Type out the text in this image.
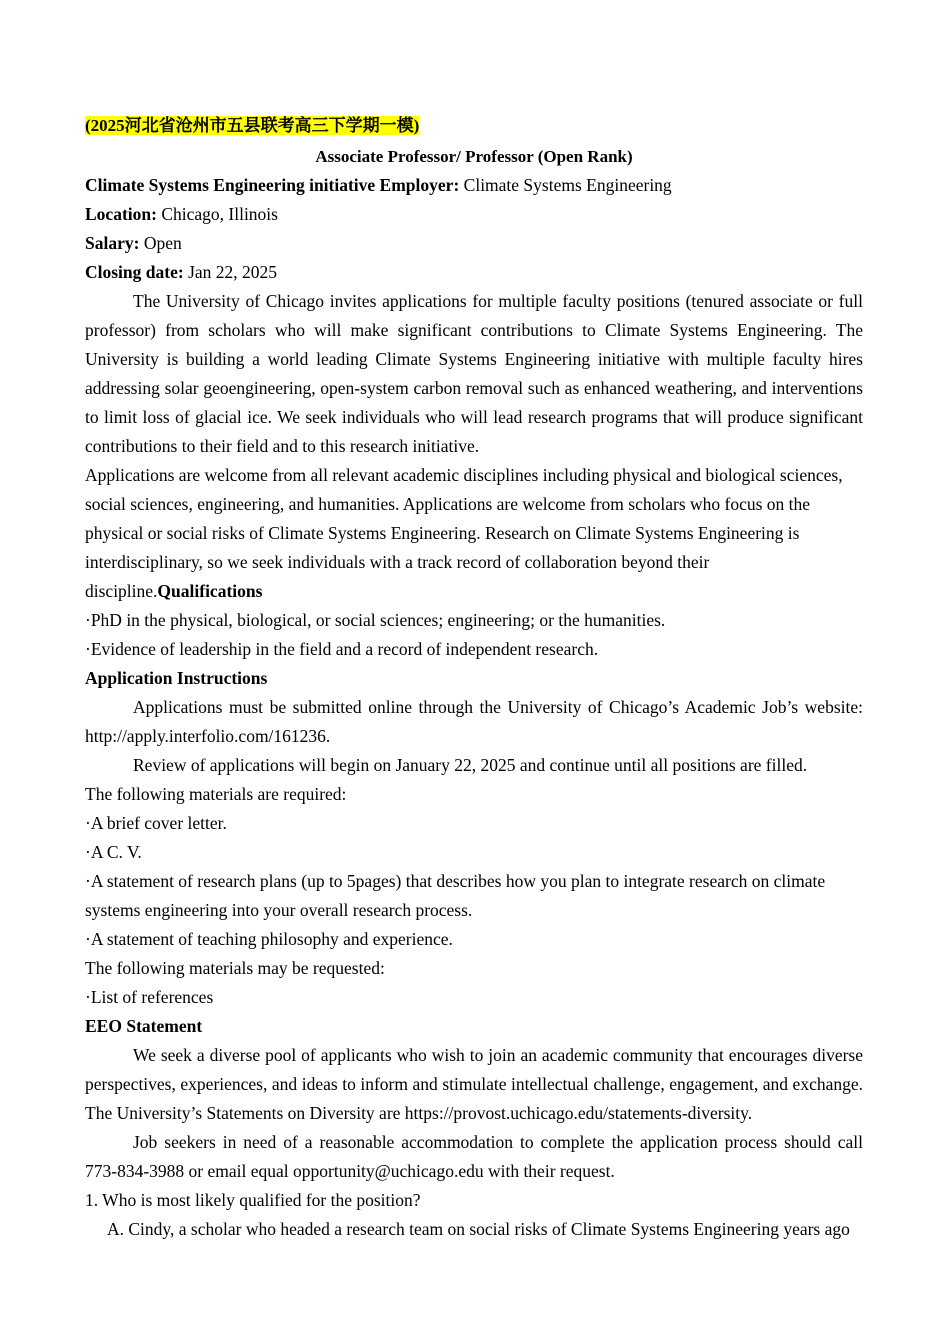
(2025河北省沧州市五县联考高三下学期一模)

Associate Professor/ Professor (Open Rank)

Climate Systems Engineering initiative Employer: Climate Systems Engineering

Location: Chicago, Illinois

Salary: Open

Closing date: Jan 22, 2025

The University of Chicago invites applications for multiple faculty positions (tenured associate or full professor) from scholars who will make significant contributions to Climate Systems Engineering. The University is building a world leading Climate Systems Engineering initiative with multiple faculty hires addressing solar geoengineering, open-system carbon removal such as enhanced weathering, and interventions to limit loss of glacial ice. We seek individuals who will lead research programs that will produce significant contributions to their field and to this research initiative.

Applications are welcome from all relevant academic disciplines including physical and biological sciences, social sciences, engineering, and humanities. Applications are welcome from scholars who focus on the physical or social risks of Climate Systems Engineering. Research on Climate Systems Engineering is interdisciplinary, so we seek individuals with a track record of collaboration beyond their discipline.Qualifications

·PhD in the physical, biological, or social sciences; engineering; or the humanities.

·Evidence of leadership in the field and a record of independent research.

Application Instructions

Applications must be submitted online through the University of Chicago’s Academic Job’s website: http://apply.interfolio.com/161236.

Review of applications will begin on January 22, 2025 and continue until all positions are filled.

The following materials are required:

·A brief cover letter.

·A C. V.

·A statement of research plans (up to 5pages) that describes how you plan to integrate research on climate systems engineering into your overall research process.

·A statement of teaching philosophy and experience.

The following materials may be requested:

·List of references

EEO Statement

We seek a diverse pool of applicants who wish to join an academic community that encourages diverse perspectives, experiences, and ideas to inform and stimulate intellectual challenge, engagement, and exchange. The University’s Statements on Diversity are https://provost.uchicago.edu/statements-diversity.

Job seekers in need of a reasonable accommodation to complete the application process should call 773-834-3988 or email equal opportunity@uchicago.edu with their request.

1. Who is most likely qualified for the position?

A. Cindy, a scholar who headed a research team on social risks of Climate Systems Engineering years ago
